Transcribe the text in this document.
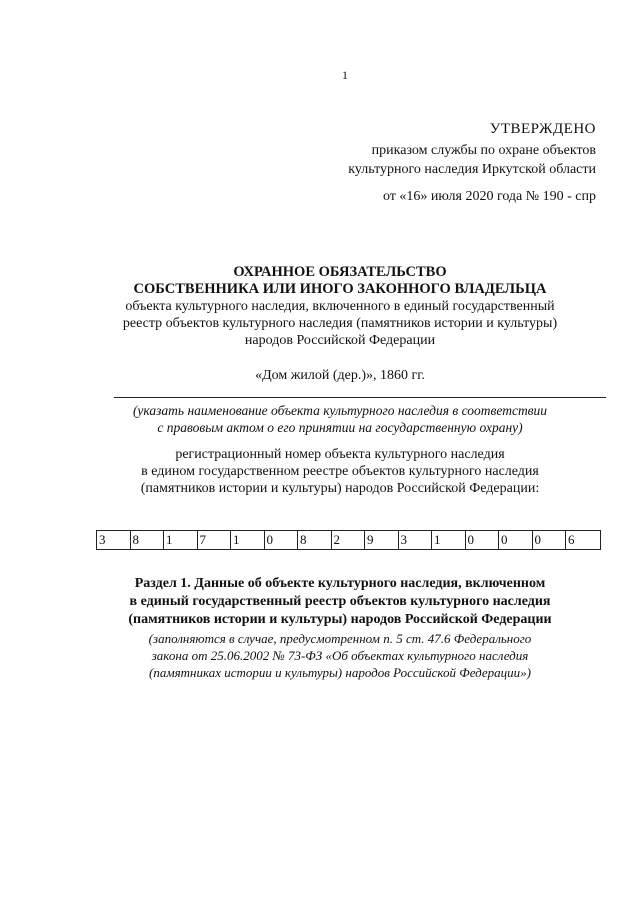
1
УТВЕРЖДЕНО
приказом службы по охране объектов
культурного наследия Иркутской области
от «16» июля 2020 года № 190 - спр
ОХРАННОЕ ОБЯЗАТЕЛЬСТВО
СОБСТВЕННИКА ИЛИ ИНОГО ЗАКОННОГО ВЛАДЕЛЬЦА
объекта культурного наследия, включенного в единый государственный
реестр объектов культурного наследия (памятников истории и культуры)
народов Российской Федерации
«Дом жилой (дер.)», 1860 гг.
(указать наименование объекта культурного наследия в соответствии
с правовым актом о его принятии на государственную охрану)
регистрационный номер объекта культурного наследия
в едином государственном реестре объектов культурного наследия
(памятников истории и культуры) народов Российской Федерации:
3	8	1	7	1	0	8	2	9	3	1	0	0	0	6
Раздел 1. Данные об объекте культурного наследия, включенном
в единый государственный реестр объектов культурного наследия
(памятников истории и культуры) народов Российской Федерации
(заполняются в случае, предусмотренном п. 5 ст. 47.6 Федерального
закона от 25.06.2002 № 73-ФЗ «Об объектах культурного наследия
(памятниках истории и культуры) народов Российской Федерации»)
